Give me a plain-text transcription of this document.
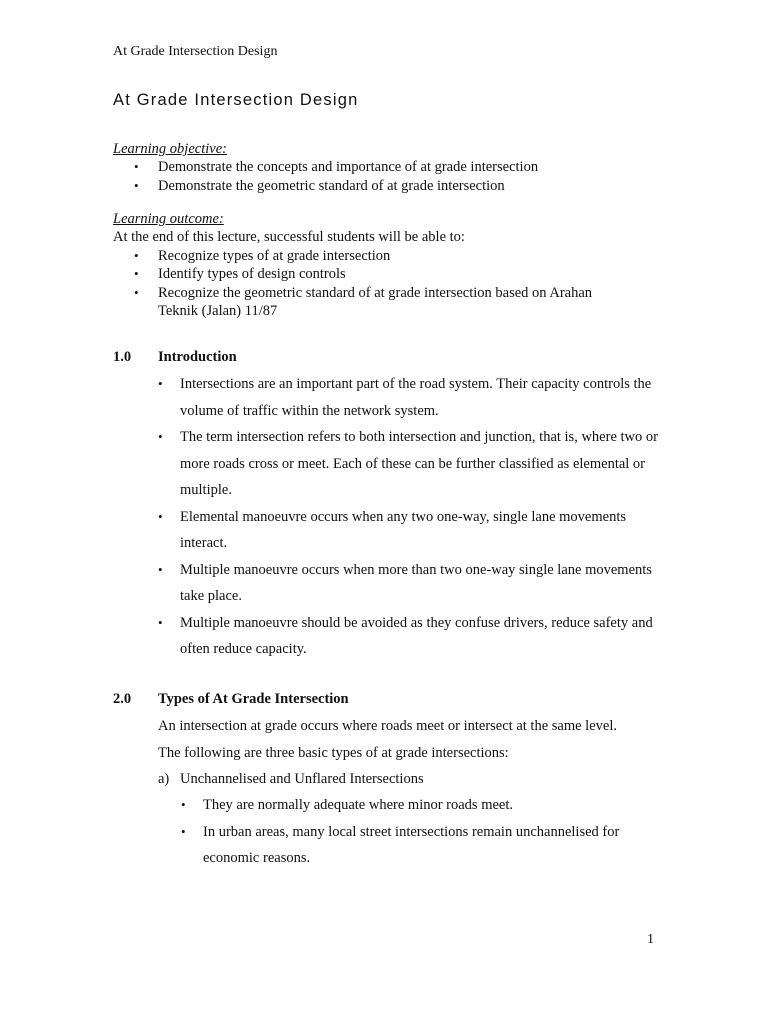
At Grade Intersection Design
At Grade Intersection Design
Learning objective:
• Demonstrate the concepts and importance of at grade intersection
• Demonstrate the geometric standard of at grade intersection
Learning outcome:
At the end of this lecture, successful students will be able to:
• Recognize types of at grade intersection
• Identify types of design controls
• Recognize the geometric standard of at grade intersection based on Arahan Teknik (Jalan) 11/87
1.0 Introduction
• Intersections are an important part of the road system. Their capacity controls the volume of traffic within the network system.
• The term intersection refers to both intersection and junction, that is, where two or more roads cross or meet. Each of these can be further classified as elemental or multiple.
• Elemental manoeuvre occurs when any two one-way, single lane movements interact.
• Multiple manoeuvre occurs when more than two one-way single lane movements take place.
• Multiple manoeuvre should be avoided as they confuse drivers, reduce safety and often reduce capacity.
2.0 Types of At Grade Intersection
An intersection at grade occurs where roads meet or intersect at the same level.
The following are three basic types of at grade intersections:
a) Unchannelised and Unflared Intersections
• They are normally adequate where minor roads meet.
• In urban areas, many local street intersections remain unchannelised for economic reasons.
1
